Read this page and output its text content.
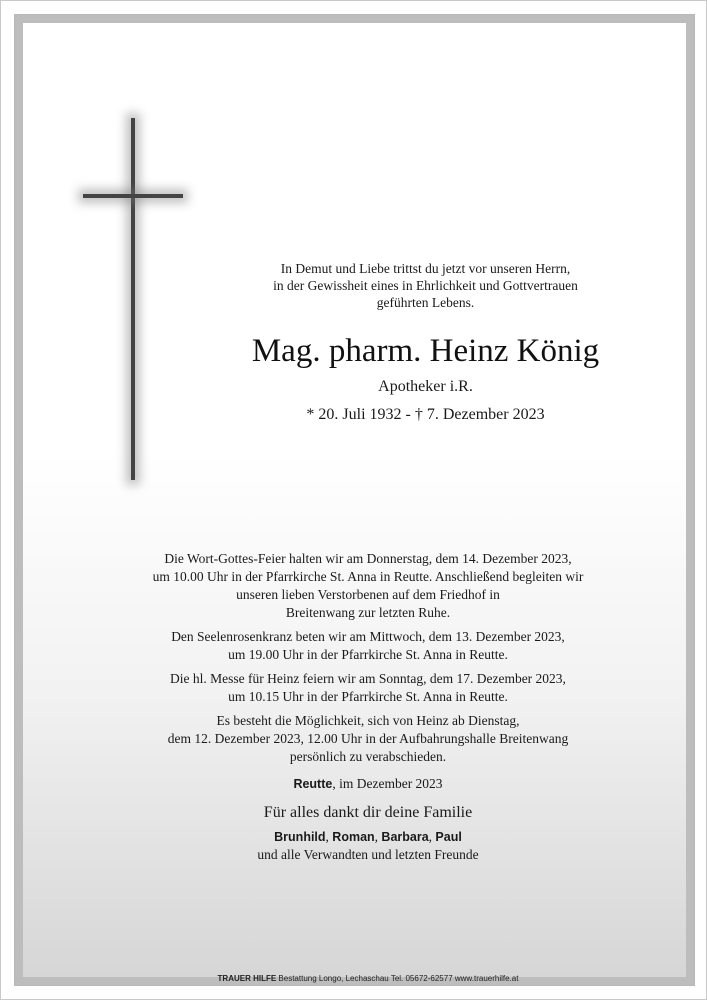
In Demut und Liebe trittst du jetzt vor unseren Herrn,
in der Gewissheit eines in Ehrlichkeit und Gottvertrauen
geführten Lebens.
Mag. pharm. Heinz König
Apotheker i.R.
* 20. Juli 1932 - † 7. Dezember 2023

Die Wort-Gottes-Feier halten wir am Donnerstag, dem 14. Dezember 2023,
um 10.00 Uhr in der Pfarrkirche St. Anna in Reutte. Anschließend begleiten wir
unseren lieben Verstorbenen auf dem Friedhof in
Breitenwang zur letzten Ruhe.

Den Seelenrosenkranz beten wir am Mittwoch, dem 13. Dezember 2023,
um 19.00 Uhr in der Pfarrkirche St. Anna in Reutte.

Die hl. Messe für Heinz feiern wir am Sonntag, dem 17. Dezember 2023,
um 10.15 Uhr in der Pfarrkirche St. Anna in Reutte.

Es besteht die Möglichkeit, sich von Heinz ab Dienstag,
dem 12. Dezember 2023, 12.00 Uhr in der Aufbahrungshalle Breitenwang
persönlich zu verabschieden.

Reutte, im Dezember 2023
Für alles dankt dir deine Familie
Brunhild, Roman, Barbara, Paul
und alle Verwandten und letzten Freunde
TRAUER HILFE Bestattung Longo, Lechaschau Tel. 05672-62577 www.trauerhilfe.at
